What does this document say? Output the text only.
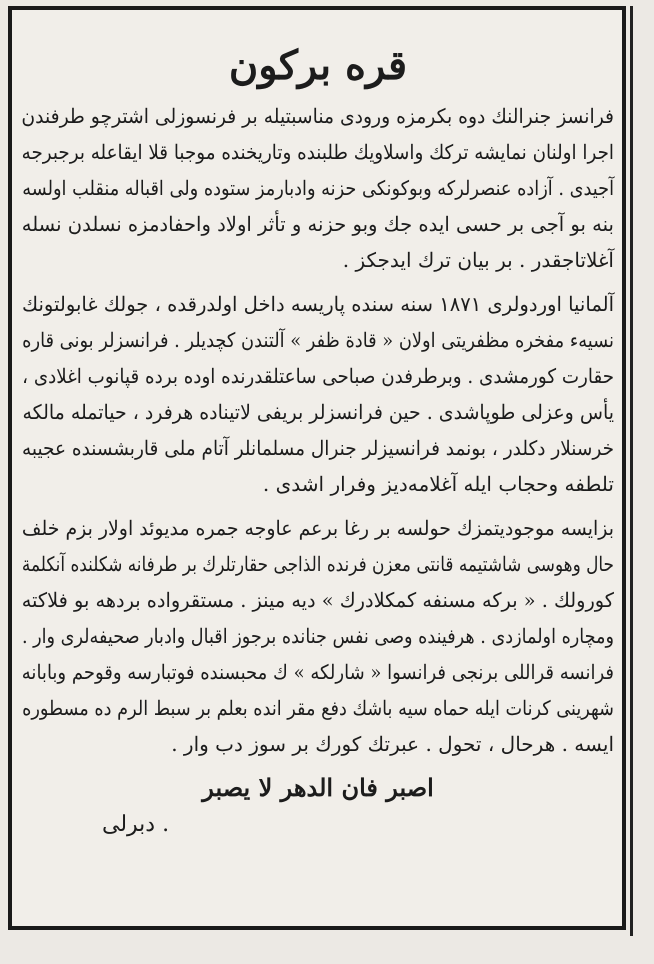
قره بركون
فرانسز جنرالنك دوه بكرمزه ورودى مناسبتيله بر فرنسوزلى اشترچو طرفندن
اجرا اولنان نمايشه تركك واسلاويك طلبنده وتاريخنده موجبا قلا ايقاعله برجبرجه
آجيدى . آزاده عنصرلركه وبوكونكى حزنه وادبارمز ستوده ولى اقباله منقلب اولسه
بنه بو آجى بر حسى ايده جك وبو حزنه و تأثر اولاد واحفادمزه نسلدن نسله
آغلاتاجقدر . بر بيان ترك ايدجكز .
آلمانيا اوردولرى ١٨٧١ سنه سنده پاريسه داخل اولدرقده ، جولك غابولتونك
نسيه‌ء مفخره مظفريتى اولان « قادة ظفر » آلتندن كچديلر . فرانسزلر بونى قاره
حقارت كورمشدى . وبرطرفدن صباحى ساعتلقدرنده اوده برده قپانوب اغلادى ،
يأس وعزلى طوپاشدى . حين فرانسزلر بريفى لاتيناده هرفرد ، حياتمله مالكه
خرسنلار دكلدر ، بونمد فرانسيزلر جنرال مسلمانلر آتام ملى قاربشسنده عجيبه
تلطفه وحجاب ايله آغلامه‌ديز وفرار اشدى .
بزايسه موجوديتمزك حولسه بر رغا برعم عاوجه جمره مديوئد اولار بزم خلف
حال وهوسى شاشتيمه قانتى معزن فرنده الذاجى حقارتلرك بر طرفانه شكلنده آنكلمة
كورولك . « بركه مسنفه كمكلادرك » ديه مينز . مستقرواده بردهه بو فلاكته
ومچاره اولمازدى . هرفينده وصى نفس جنانده برجوز اقبال وادبار صحيفه‌لرى وار .
فرانسه قراللى برنجى فرانسوا « شارلكه » ك محبسنده فوتبارسه وقوحم وبابانه
شهرينى كرنات ايله حماه سيه باشك دفع مقر انده بعلم بر سبط الرم ده مسطوره
ايسه . هرحال ، تحول . عبرتك كورك بر سوز دب وار .
اصبر فان الدهر لا يصبر
دبرلى .
